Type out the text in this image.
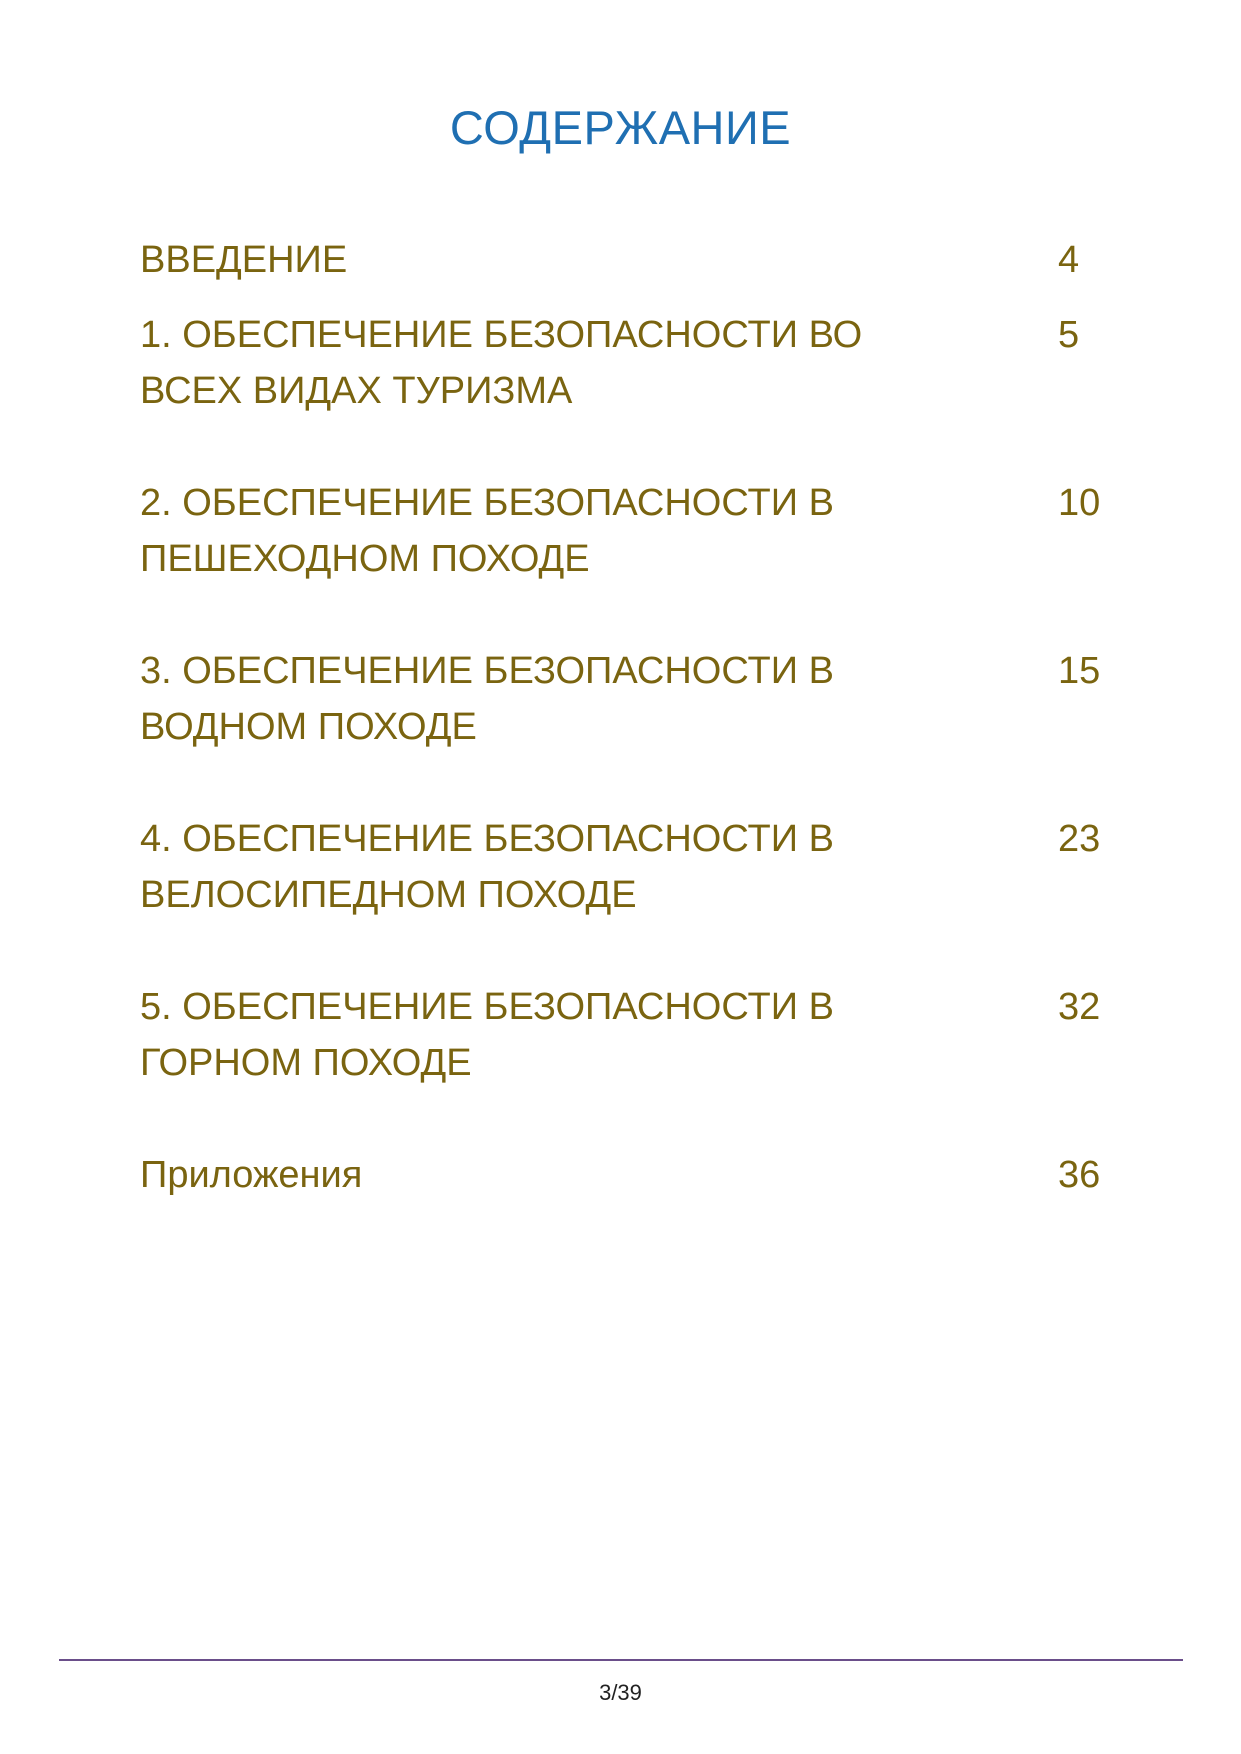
СОДЕРЖАНИЕ
ВВЕДЕНИЕ	4
1. ОБЕСПЕЧЕНИЕ БЕЗОПАСНОСТИ ВО ВСЕХ ВИДАХ ТУРИЗМА
5
2. ОБЕСПЕЧЕНИЕ БЕЗОПАСНОСТИ В ПЕШЕХОДНОМ ПОХОДЕ
10
3. ОБЕСПЕЧЕНИЕ БЕЗОПАСНОСТИ В ВОДНОМ ПОХОДЕ
15
4. ОБЕСПЕЧЕНИЕ БЕЗОПАСНОСТИ В ВЕЛОСИПЕДНОМ ПОХОДЕ
23
5. ОБЕСПЕЧЕНИЕ БЕЗОПАСНОСТИ В ГОРНОМ ПОХОДЕ
32
Приложения	36
3/39
